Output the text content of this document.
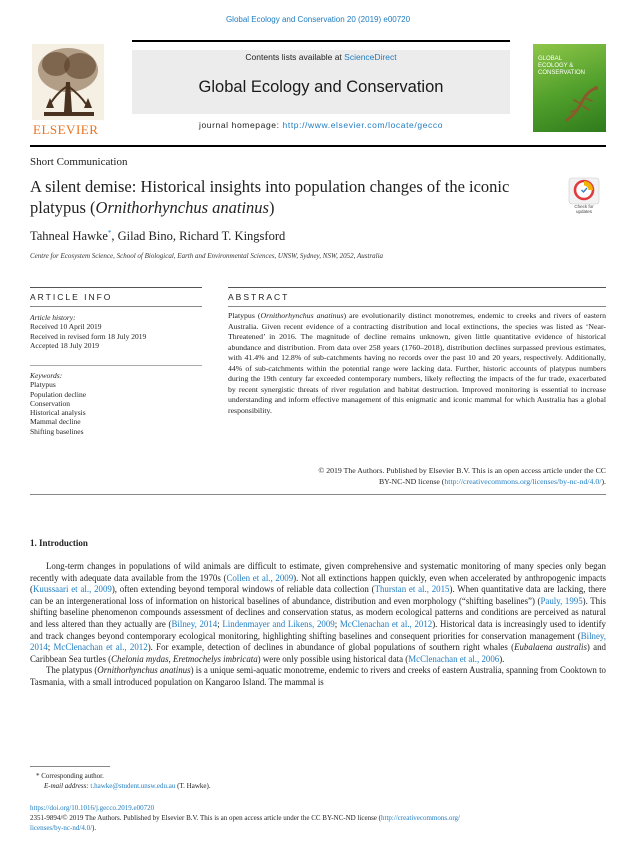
Global Ecology and Conservation 20 (2019) e00720
ELSEVIER
Contents lists available at ScienceDirect
Global Ecology and Conservation
journal homepage: http://www.elsevier.com/locate/gecco
GLOBAL
ECOLOGY &
CONSERVATION
Short Communication
A silent demise: Historical insights into population changes of the iconic platypus (Ornithorhynchus anatinus)	Check for
updates
Tahneal Hawke*, Gilad Bino, Richard T. Kingsford
Centre for Ecosystem Science, School of Biological, Earth and Environmental Sciences, UNSW, Sydney, NSW, 2052, Australia
ARTICLE INFO	ABSTRACT
Article history:
Received 10 April 2019
Received in revised form 18 July 2019
Accepted 18 July 2019
Keywords:
Platypus
Population decline
Conservation
Historical analysis
Mammal decline
Shifting baselines
Platypus (Ornithorhynchus anatinus) are evolutionarily distinct monotremes, endemic to creeks and rivers of eastern Australia. Given recent evidence of a contracting distribution and local extinctions, the species was listed as ‘Near-Threatened’ in 2016. The magnitude of decline remains unknown, given little quantitative evidence of historical abundance and distribution. From data over 258 years (1760–2018), distribution declines surpassed previous estimates, with 41.4% and 12.8% of sub-catchments having no records over the past 10 and 20 years, respectively. Additionally, 44% of sub-catchments within the potential range were lacking data. Further, historic accounts of platypus numbers during the 19th century far exceeded contemporary numbers, likely reflecting the impacts of the fur trade, exacerbated by recent synergistic threats of river regulation and habitat destruction. Improved monitoring is essential to increase understanding and inform effective management of this enigmatic and iconic mammal for which Australia has a global responsibility.
© 2019 The Authors. Published by Elsevier B.V. This is an open access article under the CC
BY-NC-ND license (http://creativecommons.org/licenses/by-nc-nd/4.0/).
1. Introduction

Long-term changes in populations of wild animals are difficult to estimate, given comprehensive and systematic monitoring of many species only began recently with adequate data available from the 1970s (Collen et al., 2009). Not all extinctions happen quickly, even when accelerated by anthropogenic impacts (Kuussaari et al., 2009), often extending beyond temporal windows of reliable data collection (Thurstan et al., 2015). When quantitative data are lacking, there can be an intergenerational loss of information on historical baselines of abundance, distribution and even morphology (“shifting baselines”) (Pauly, 1995). This shifting baseline phenomenon compounds assessment of declines and conservation status, as modern ecological patterns and conditions are perceived as natural and less altered than they actually are (Bilney, 2014; Lindenmayer and Likens, 2009; McClenachan et al., 2012). Historical data is increasingly used to identify and track changes beyond contemporary ecological monitoring, highlighting shifting baselines and consequent priorities for conservation management (Bilney, 2014; McClenachan et al., 2012). For example, detection of declines in abundance of global populations of southern right whales (Eubalaena australis) and Caribbean Sea turtles (Chelonia mydas, Eretmochelys imbricata) were only possible using historical data (McClenachan et al., 2006).

The platypus (Ornithorhynchus anatinus) is a unique semi-aquatic monotreme, endemic to rivers and creeks of eastern Australia, spanning from Cooktown to Tasmania, with a small introduced population on Kangaroo Island. The mammal is

* Corresponding author.
E-mail address: t.hawke@student.unsw.edu.au (T. Hawke).
https://doi.org/10.1016/j.gecco.2019.e00720
2351-9894/© 2019 The Authors. Published by Elsevier B.V. This is an open access article under the CC BY-NC-ND license (http://creativecommons.org/
licenses/by-nc-nd/4.0/).
